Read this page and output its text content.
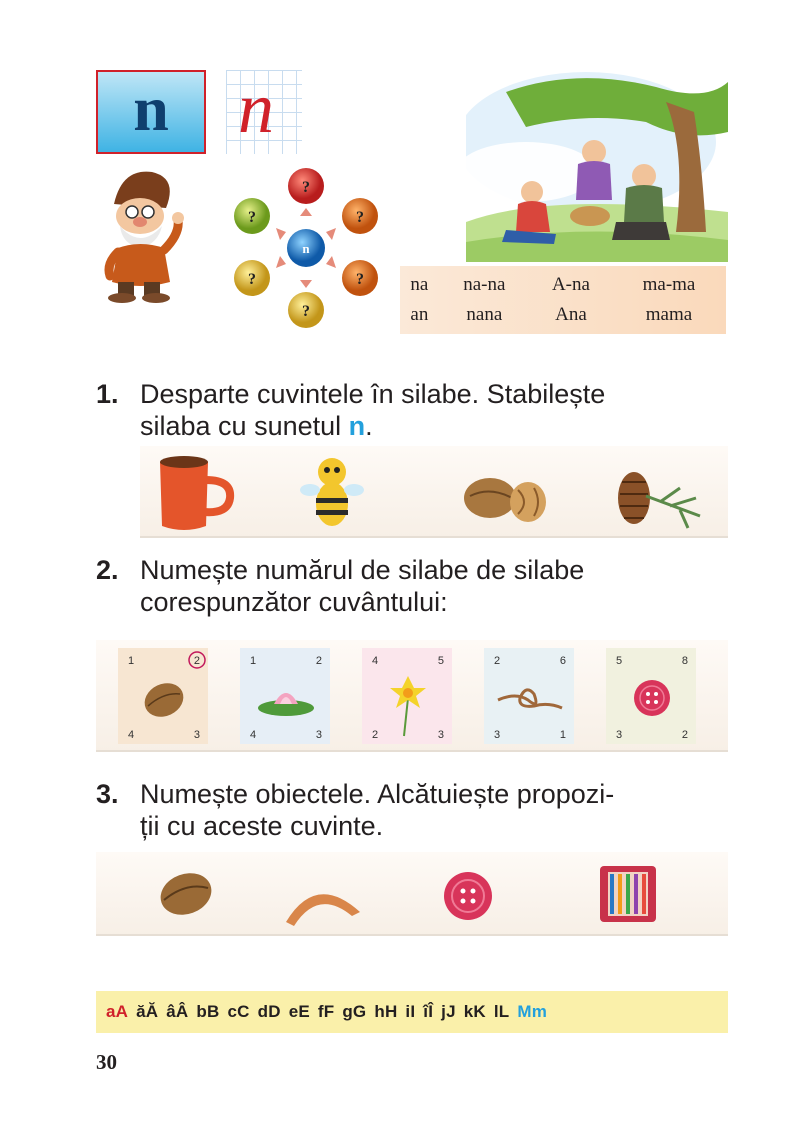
n n
?
?	?
?	?
?
n
na	na-na	A-na	ma-ma
an	nana	Ana	mama
1. Desparte cuvintele în silabe. Stabilește
silaba cu sunetul n.
2. Numește numărul de silabe de silabe
corespunzător cuvântului:
1	2
4	3
1	2
4	3
4	5
2	3
2	6
3	1
5	8
3	2
3. Numește obiectele. Alcătuiește propozi-
ții cu aceste cuvinte.
aA ăĂ âÂ bB cC dD eE fF gG hH iI îÎ jJ kK lL Mm
30
